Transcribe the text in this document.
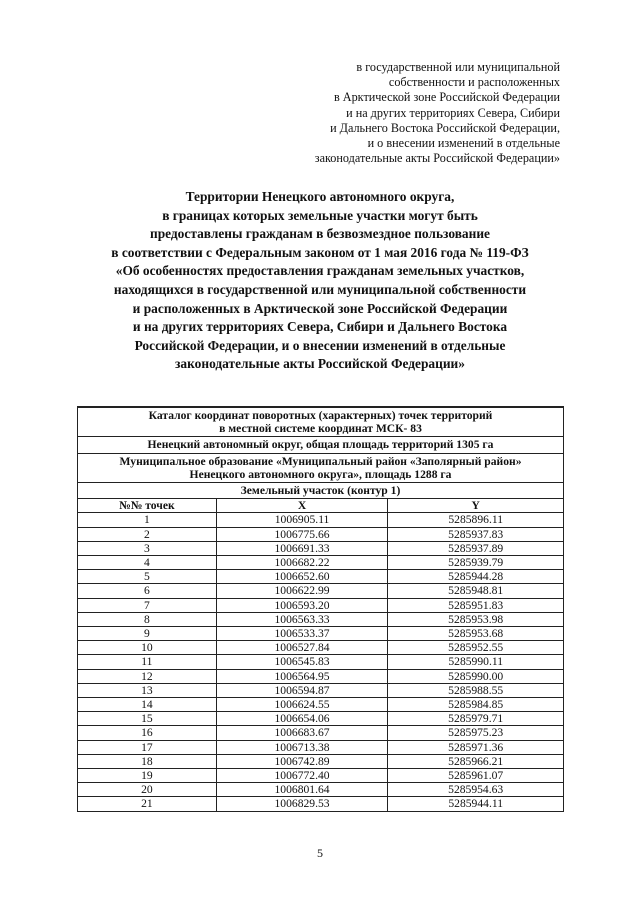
в государственной или муниципальной
собственности и расположенных
в Арктической зоне Российской Федерации
и на других территориях Севера, Сибири
и Дальнего Востока Российской Федерации,
и о внесении изменений в отдельные
законодательные акты Российской Федерации»
Территории Ненецкого автономного округа,
в границах которых земельные участки могут быть
предоставлены гражданам в безвозмездное пользование
в соответствии с Федеральным законом от 1 мая 2016 года № 119-ФЗ
«Об особенностях предоставления гражданам земельных участков,
находящихся в государственной или муниципальной собственности
и расположенных в Арктической зоне Российской Федерации
и на других территориях Севера, Сибири и Дальнего Востока
Российской Федерации, и о внесении изменений в отдельные
законодательные акты Российской Федерации»
Каталог координат поворотных (характерных) точек территорий
в местной системе координат МСК- 83		

Ненецкий автономный округ, общая площадь территорий 1305 га		

Муниципальное образование «Муниципальный район «Заполярный район»
Ненецкого автономного округа», площадь 1288 га		

Земельный участок (контур 1)		
№№ точек	X	Y
1	1006905.11	5285896.11
2	1006775.66	5285937.83
3	1006691.33	5285937.89
4	1006682.22	5285939.79
5	1006652.60	5285944.28
6	1006622.99	5285948.81
7	1006593.20	5285951.83
8	1006563.33	5285953.98
9	1006533.37	5285953.68
10	1006527.84	5285952.55
11	1006545.83	5285990.11
12	1006564.95	5285990.00
13	1006594.87	5285988.55
14	1006624.55	5285984.85
15	1006654.06	5285979.71
16	1006683.67	5285975.23
17	1006713.38	5285971.36
18	1006742.89	5285966.21
19	1006772.40	5285961.07
20	1006801.64	5285954.63
21	1006829.53	5285944.11
5
